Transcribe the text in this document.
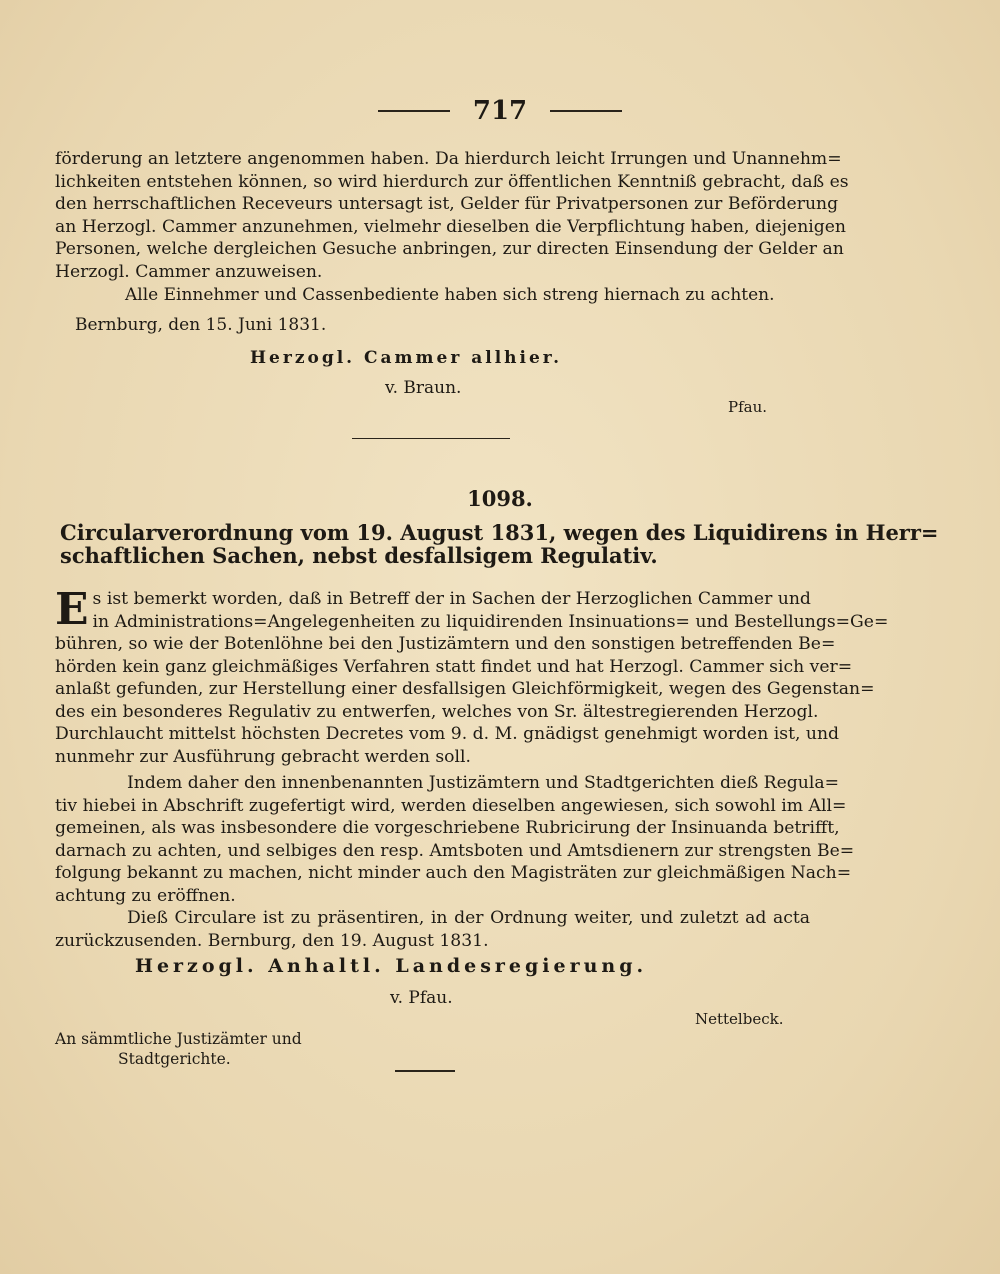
717
förderung an letztere angenommen haben. Da hierdurch leicht Irrungen und Unannehm=
lichkeiten entstehen können, so wird hierdurch zur öffentlichen Kenntniß gebracht, daß es
den herrschaftlichen Receveurs untersagt ist, Gelder für Privatpersonen zur Beförderung
an Herzogl. Cammer anzunehmen, vielmehr dieselben die Verpflichtung haben, diejenigen
Personen, welche dergleichen Gesuche anbringen, zur directen Einsendung der Gelder an
Herzogl. Cammer anzuweisen.
Alle Einnehmer und Cassenbediente haben sich streng hiernach zu achten.
Bernburg, den 15. Juni 1831.
Herzogl. Cammer allhier.
v. Braun.
Pfau.
1098.
Circularverordnung vom 19. August 1831, wegen des Liquidirens in Herr=
schaftlichen Sachen, nebst desfallsigem Regulativ.
E s ist bemerkt worden, daß in Betreff der in Sachen der Herzoglichen Cammer und
in Administrations=Angelegenheiten zu liquidirenden Insinuations= und Bestellungs=Ge=
bühren, so wie der Botenlöhne bei den Justizämtern und den sonstigen betreffenden Be=
hörden kein ganz gleichmäßiges Verfahren statt findet und hat Herzogl. Cammer sich ver=
anlaßt gefunden, zur Herstellung einer desfallsigen Gleichförmigkeit, wegen des Gegenstan=
des ein besonderes Regulativ zu entwerfen, welches von Sr. ältestregierenden Herzogl.
Durchlaucht mittelst höchsten Decretes vom 9. d. M. gnädigst genehmigt worden ist, und
nunmehr zur Ausführung gebracht werden soll.
Indem daher den innenbenannten Justizämtern und Stadtgerichten dieß Regula=
tiv hiebei in Abschrift zugefertigt wird, werden dieselben angewiesen, sich sowohl im All=
gemeinen, als was insbesondere die vorgeschriebene Rubricirung der Insinuanda betrifft,
darnach zu achten, und selbiges den resp. Amtsboten und Amtsdienern zur strengsten Be=
folgung bekannt zu machen, nicht minder auch den Magisträten zur gleichmäßigen Nach=
achtung zu eröffnen.
Dieß Circulare ist zu präsentiren, in der Ordnung weiter, und zuletzt ad acta
zurückzusenden. Bernburg, den 19. August 1831.
Herzogl. Anhaltl. Landesregierung.
v. Pfau.
Nettelbeck.
An sämmtliche Justizämter und
Stadtgerichte.
